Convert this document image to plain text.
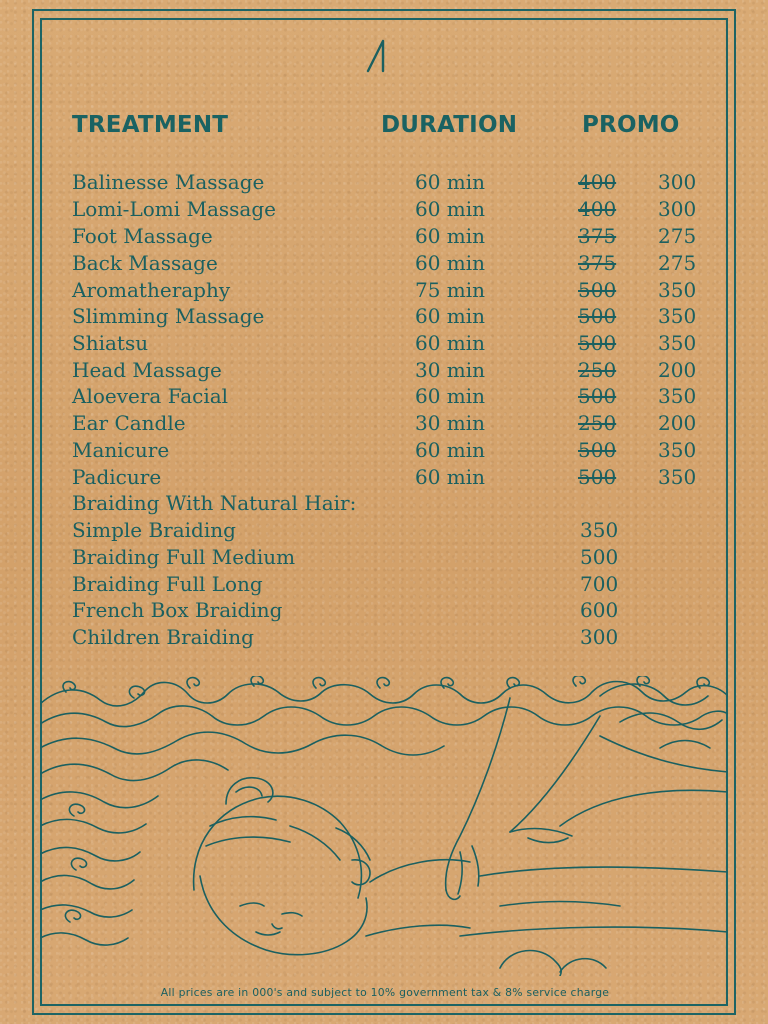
TREATMENT	DURATION	PROMO
Balinesse Massage	60 min	400 300
Lomi-Lomi Massage	60 min	400 300
Foot Massage	60 min	375 275
Back Massage	60 min	375 275
Aromatheraphy	75 min	500 350
Slimming Massage	60 min	500 350
Shiatsu	60 min	500 350
Head Massage	30 min	250 200
Aloevera Facial	60 min	500 350
Ear Candle	30 min	250 200
Manicure	60 min	500 350
Padicure	60 min	500 350
Braiding With Natural Hair:
Simple Braiding	350
Braiding Full Medium	500
Braiding Full Long	700
French Box Braiding	600
Children Braiding	300
All prices are in 000's and subject to 10% government tax & 8% service charge
